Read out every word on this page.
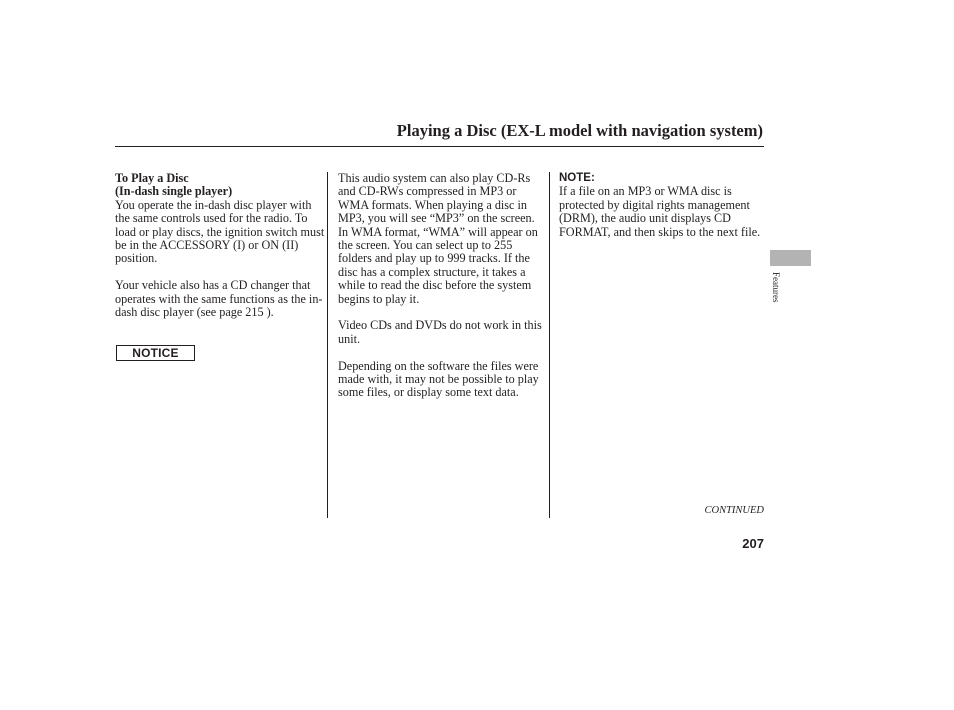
Playing a Disc (EX-L model with navigation system)
To Play a Disc
(In-dash single player)

You operate the in-dash disc player with the same controls used for the radio. To load or play discs, the ignition switch must be in the ACCESSORY (I) or ON (II) position.

Your vehicle also has a CD changer that operates with the same functions as the in-dash disc player (see page 215 ).

NOTICE

This audio system can also play CD-Rs and CD-RWs compressed in MP3 or WMA formats. When playing a disc in MP3, you will see “MP3” on the screen. In WMA format, “WMA” will appear on the screen. You can select up to 255 folders and play up to 999 tracks. If the disc has a complex structure, it takes a while to read the disc before the system begins to play it.

Video CDs and DVDs do not work in this unit.

Depending on the software the files were made with, it may not be possible to play some files, or display some text data.

NOTE:

If a file on an MP3 or WMA disc is protected by digital rights management (DRM), the audio unit displays CD FORMAT, and then skips to the next file.

Features
CONTINUED
207
